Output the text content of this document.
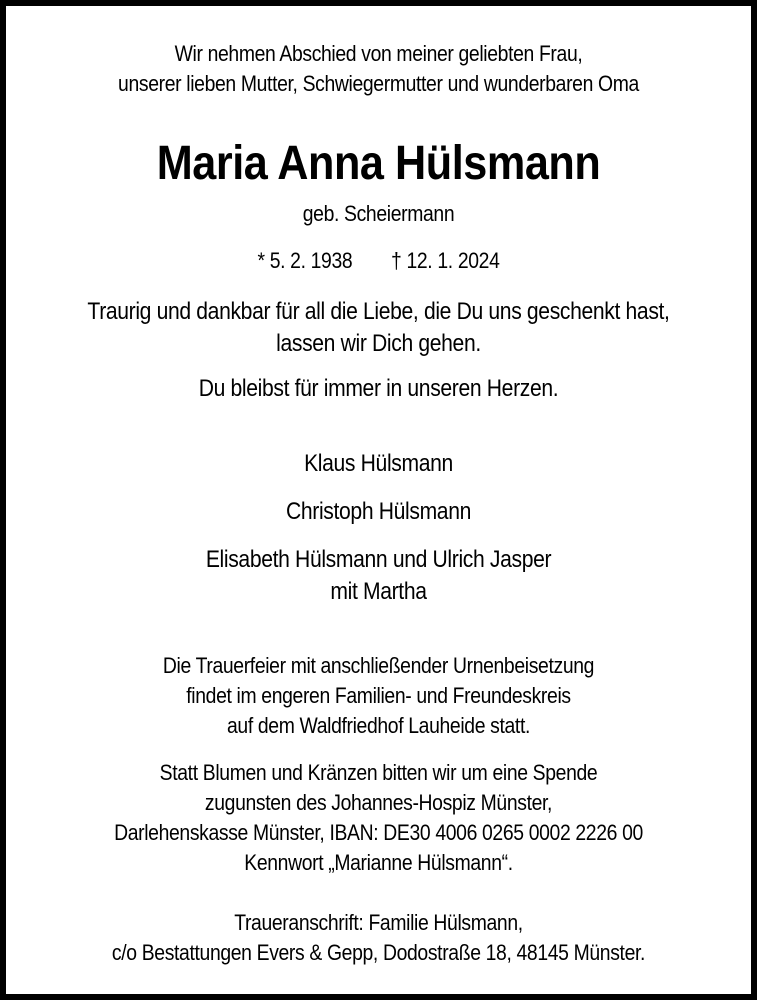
Wir nehmen Abschied von meiner geliebten Frau,
unserer lieben Mutter, Schwiegermutter und wunderbaren Oma
Maria Anna Hülsmann
geb. Scheiermann
* 5. 2. 1938 † 12. 1. 2024
Traurig und dankbar für all die Liebe, die Du uns geschenkt hast,
lassen wir Dich gehen.
Du bleibst für immer in unseren Herzen.
Klaus Hülsmann
Christoph Hülsmann
Elisabeth Hülsmann und Ulrich Jasper
mit Martha
Die Trauerfeier mit anschließender Urnenbeisetzung
findet im engeren Familien- und Freundeskreis
auf dem Waldfriedhof Lauheide statt.
Statt Blumen und Kränzen bitten wir um eine Spende
zugunsten des Johannes-Hospiz Münster,
Darlehenskasse Münster, IBAN: DE30 4006 0265 0002 2226 00
Kennwort „Marianne Hülsmann“.
Traueranschrift: Familie Hülsmann,
c/o Bestattungen Evers & Gepp, Dodostraße 18, 48145 Münster.
